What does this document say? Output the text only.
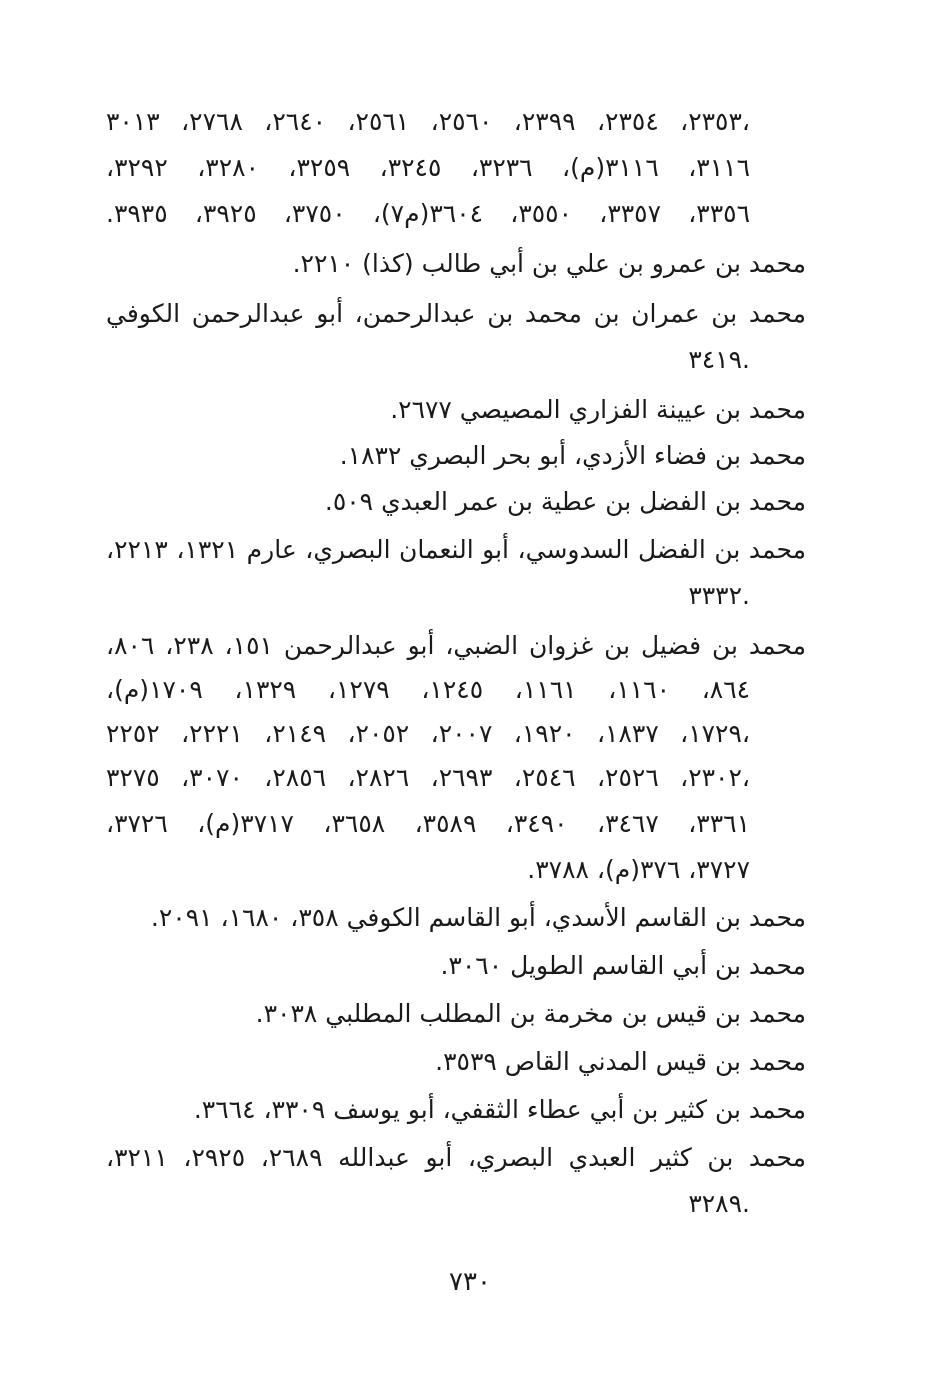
٢٣٥٣، ٢٣٥٤، ٢٣٩٩، ٢٥٦٠، ٢٥٦١، ٢٦٤٠، ٢٧٦٨، ٣٠١٣،
٣١١٦، ٣١١٦(م)، ٣٢٣٦، ٣٢٤٥، ٣٢٥٩، ٣٢٨٠، ٣٢٩٢،
٣٣٥٦، ٣٣٥٧، ٣٥٥٠، ٣٦٠٤(م٧)، ٣٧٥٠، ٣٩٢٥، ٣٩٣٥.
محمد بن عمرو بن علي بن أبي طالب (كذا) ٢٢١٠.
محمد بن عمران بن محمد بن عبدالرحمن، أبو عبدالرحمن الكوفي
٣٤١٩.
محمد بن عيينة الفزاري المصيصي ٢٦٧٧.
محمد بن فضاء الأزدي، أبو بحر البصري ١٨٣٢.
محمد بن الفضل بن عطية بن عمر العبدي ٥٠٩.
محمد بن الفضل السدوسي، أبو النعمان البصري، عارم ١٣٢١، ٢٢١٣،
٣٣٣٢.
محمد بن فضيل بن غزوان الضبي، أبو عبدالرحمن ١٥١، ٢٣٨، ٨٠٦،
٨٦٤، ١١٦٠، ١١٦١، ١٢٤٥، ١٢٧٩، ١٣٢٩، ١٧٠٩(م)،
١٧٢٩، ١٨٣٧، ١٩٢٠، ٢٠٠٧، ٢٠٥٢، ٢١٤٩، ٢٢٢١، ٢٢٥٢،
٢٣٠٢، ٢٥٢٦، ٢٥٤٦، ٢٦٩٣، ٢٨٢٦، ٢٨٥٦، ٣٠٧٠، ٣٢٧٥،
٣٣٦١، ٣٤٦٧، ٣٤٩٠، ٣٥٨٩، ٣٦٥٨، ٣٧١٧(م)، ٣٧٢٦،
٣٧٢٧، ٣٧٦(م)، ٣٧٨٨.
محمد بن القاسم الأسدي، أبو القاسم الكوفي ٣٥٨، ١٦٨٠، ٢٠٩١.
محمد بن أبي القاسم الطويل ٣٠٦٠.
محمد بن قيس بن مخرمة بن المطلب المطلبي ٣٠٣٨.
محمد بن قيس المدني القاص ٣٥٣٩.
محمد بن كثير بن أبي عطاء الثقفي، أبو يوسف ٣٣٠٩، ٣٦٦٤.
محمد بن كثير العبدي البصري، أبو عبدالله ٢٦٨٩، ٢٩٢٥، ٣٢١١،
٣٢٨٩.
٧٣٠
